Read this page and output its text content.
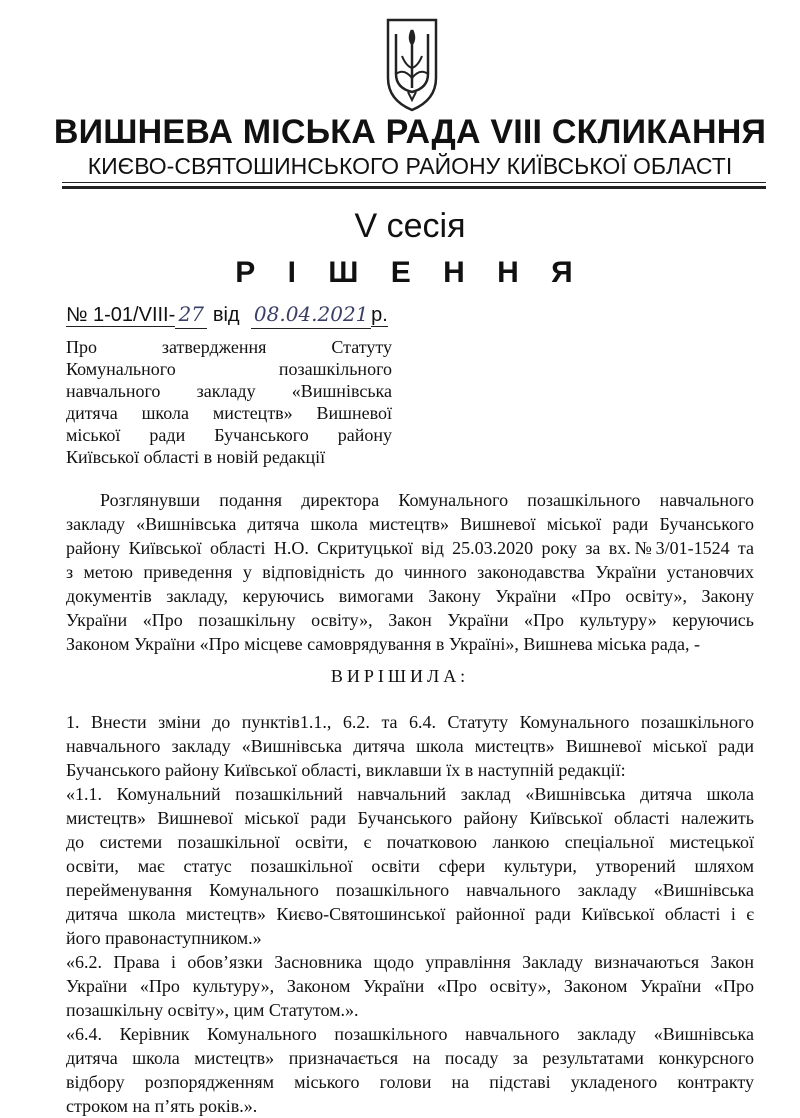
ВИШНЕВА МІСЬКА РАДА VIII СКЛИКАННЯ
КИЄВО-СВЯТОШИНСЬКОГО РАЙОНУ КИЇВСЬКОЇ ОБЛАСТІ
V сесія
Р І Ш Е Н Н Я
№ 1-01/VIII- 27 від 08.04.2021 р.
Про затвердження Статуту
Комунального позашкільного
навчального закладу «Вишнівська
дитяча школа мистецтв» Вишневої
міської ради Бучанського району
Київської області в новій редакції
Розглянувши подання директора Комунального позашкільного навчального
закладу «Вишнівська дитяча школа мистецтв» Вишневої міської ради Бучанського
району Київської області Н.О. Скритуцької від 25.03.2020 року за вх.№3/01-1524 та
з метою приведення у відповідність до чинного законодавства України установчих
документів закладу, керуючись вимогами Закону України «Про освіту», Закону
України «Про позашкільну освіту», Закон України «Про культуру» керуючись
Законом України «Про місцеве самоврядування в Україні», Вишнева міська рада, -
ВИРІШИЛА:
1. Внести зміни до пунктів1.1., 6.2. та 6.4. Статуту Комунального позашкільного
навчального закладу «Вишнівська дитяча школа мистецтв» Вишневої міської ради
Бучанського району Київської області, виклавши їх в наступній редакції:
«1.1. Комунальний позашкільний навчальний заклад «Вишнівська дитяча школа
мистецтв» Вишневої міської ради Бучанського району Київської області належить
до системи позашкільної освіти, є початковою ланкою спеціальної мистецької
освіти, має статус позашкільної освіти сфери культури, утворений шляхом
перейменування Комунального позашкільного навчального закладу «Вишнівська
дитяча школа мистецтв» Києво-Святошинської районної ради Київської області і є
його правонаступником.»
«6.2. Права і обов’язки Засновника щодо управління Закладу визначаються Закон
України «Про культуру», Законом України «Про освіту», Законом України «Про
позашкільну освіту», цим Статутом.».
«6.4. Керівник Комунального позашкільного навчального закладу «Вишнівська
дитяча школа мистецтв» призначається на посаду за результатами конкурсного
відбору розпорядженням міського голови на підставі укладеного контракту
строком на п’ять років.».
